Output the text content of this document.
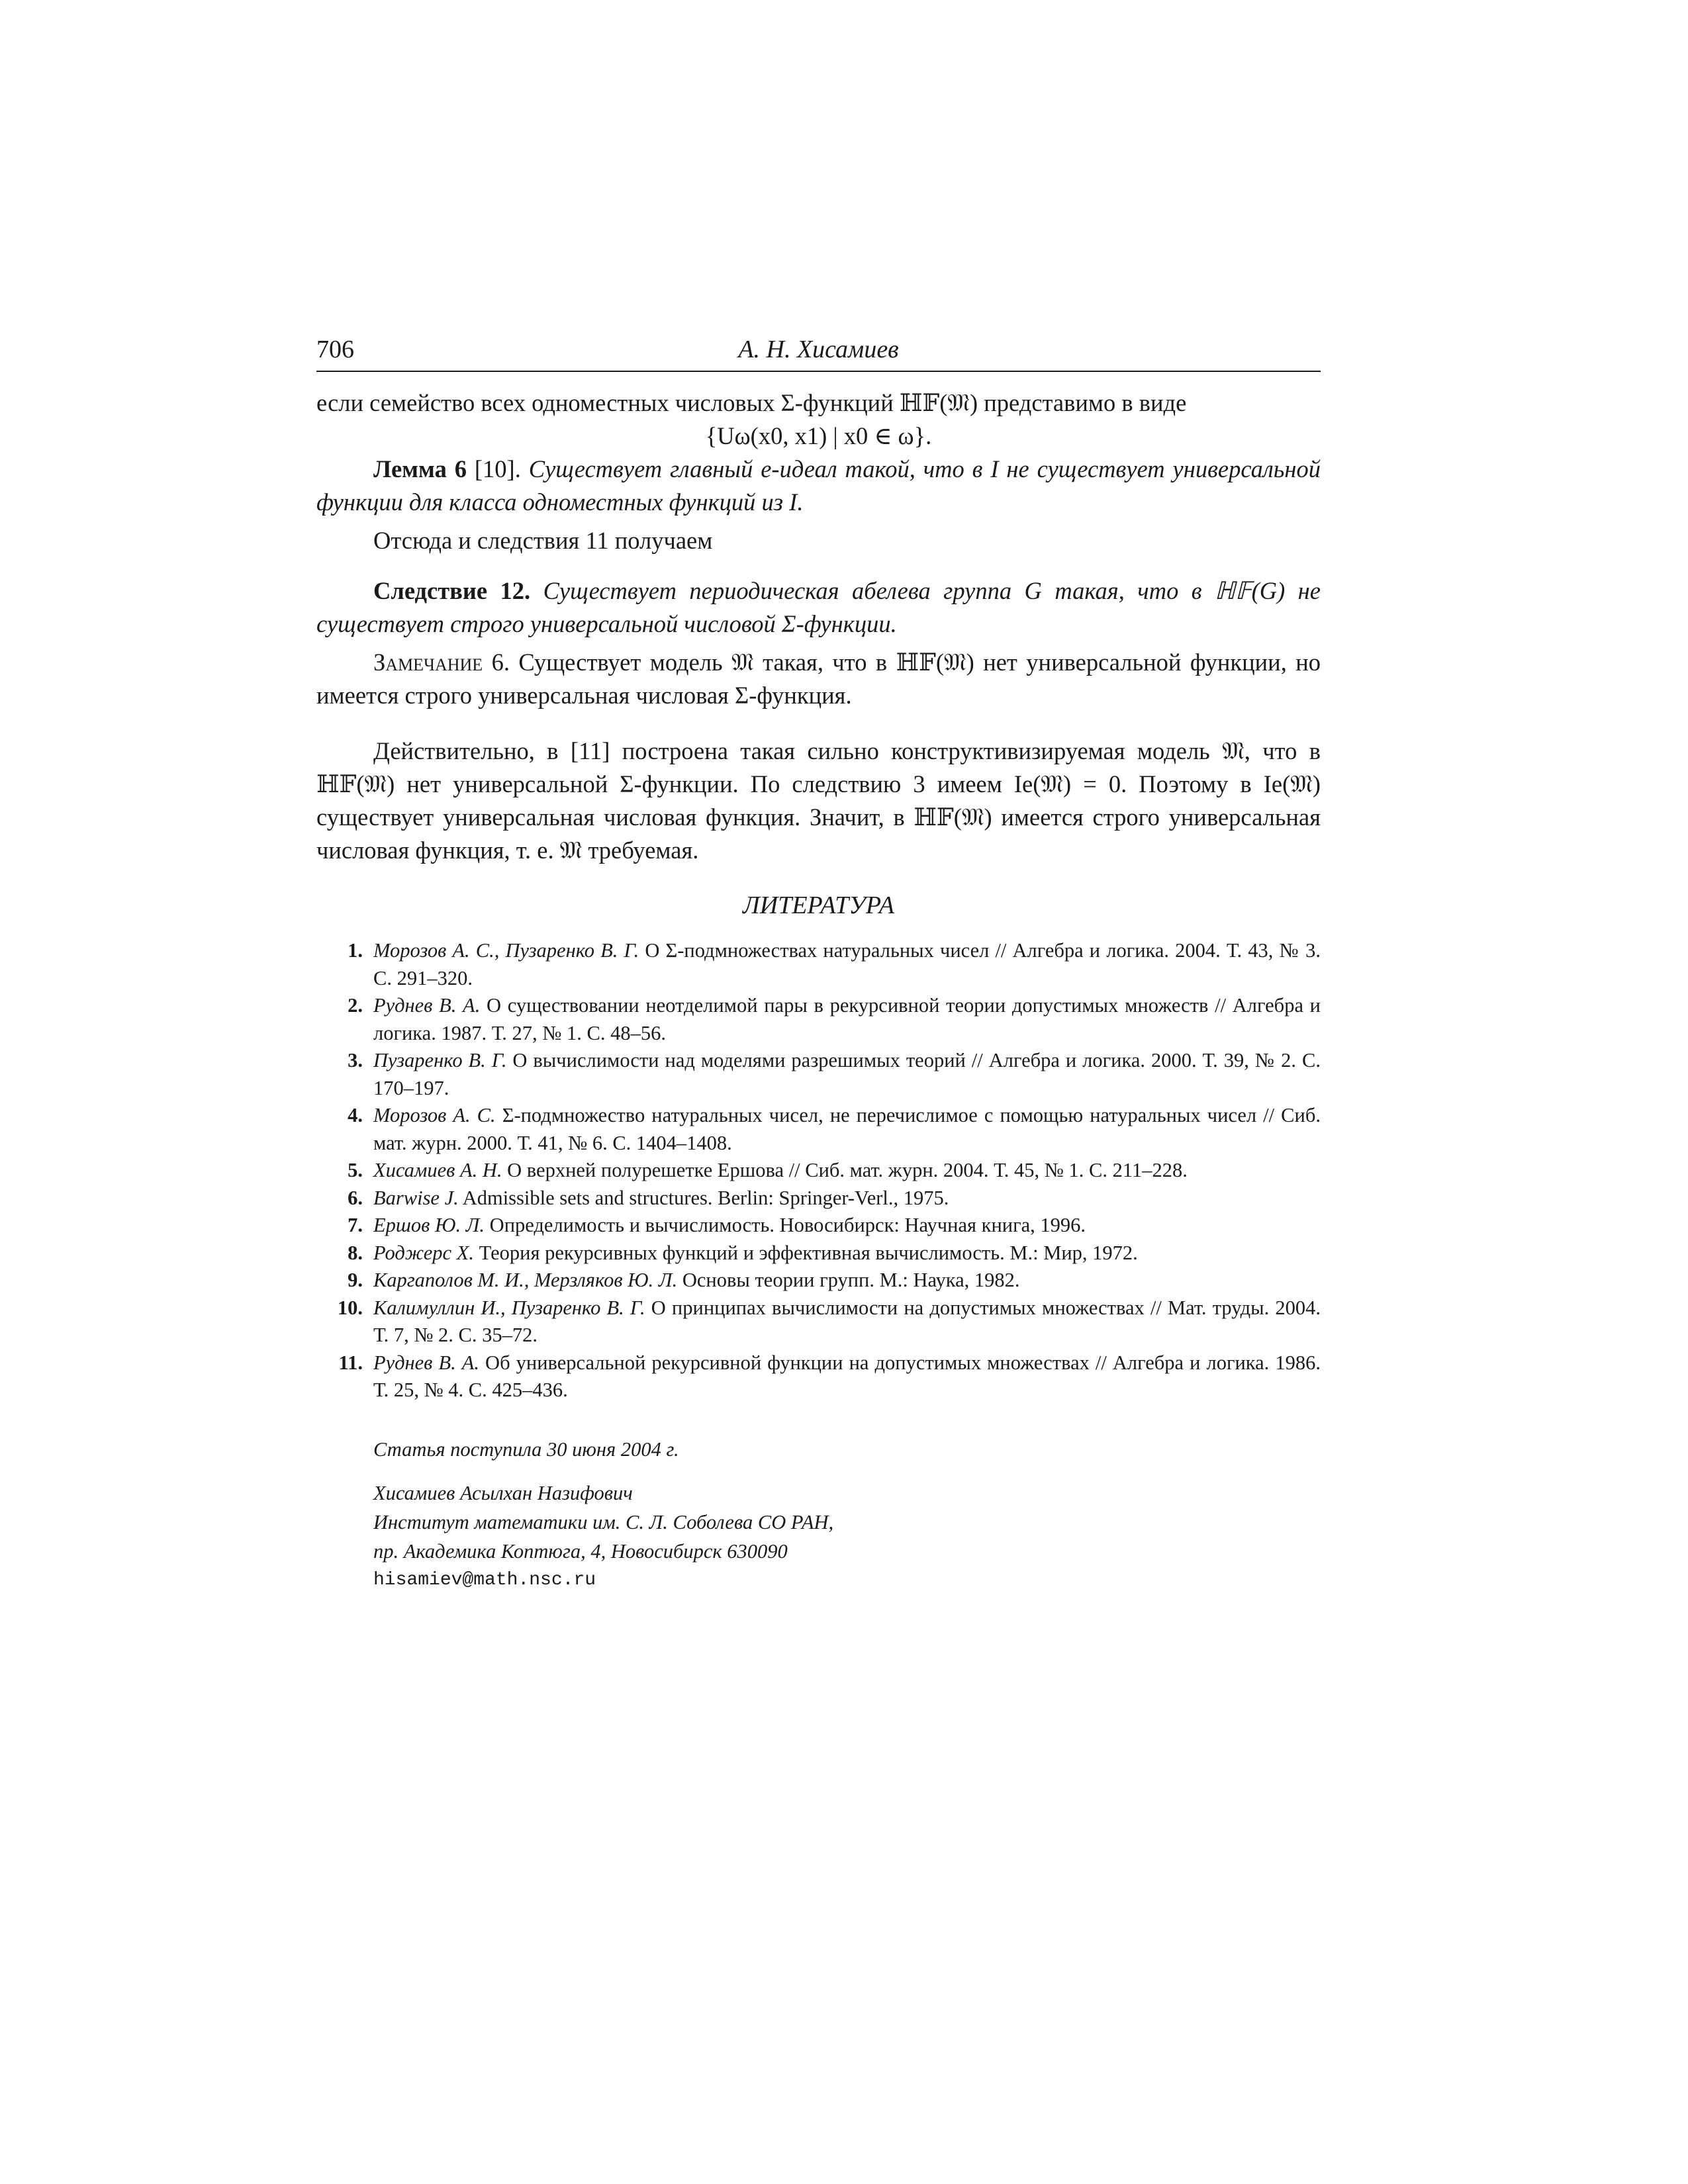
706	А. Н. Хисамиев

если семейство всех одноместных числовых Σ-функций ℍ𝔽(𝔐) представимо в виде

{Uω(x0, x1) | x0 ∈ ω}.

Лемма 6 [10]. Существует главный e-идеал такой, что в I не существует универсальной функции для класса одноместных функций из I.

Отсюда и следствия 11 получаем

Следствие 12. Существует периодическая абелева группа G такая, что в ℍ𝔽(G) не существует строго универсальной числовой Σ-функции.

Замечание 6. Существует модель 𝔐 такая, что в ℍ𝔽(𝔐) нет универсальной функции, но имеется строго универсальная числовая Σ-функция.

Действительно, в [11] построена такая сильно конструктивизируемая модель 𝔐, что в ℍ𝔽(𝔐) нет универсальной Σ-функции. По следствию 3 имеем Ie(𝔐) = 0. Поэтому в Ie(𝔐) существует универсальная числовая функция. Значит, в ℍ𝔽(𝔐) имеется строго универсальная числовая функция, т. е. 𝔐 требуемая.

ЛИТЕРАТУРА
1. Морозов А. С., Пузаренко В. Г. О Σ-подмножествах натуральных чисел // Алгебра и логика. 2004. Т. 43, № 3. С. 291–320.
2. Руднев В. А. О существовании неотделимой пары в рекурсивной теории допустимых множеств // Алгебра и логика. 1987. Т. 27, № 1. С. 48–56.
3. Пузаренко В. Г. О вычислимости над моделями разрешимых теорий // Алгебра и логика. 2000. Т. 39, № 2. С. 170–197.
4. Морозов А. С. Σ-подмножество натуральных чисел, не перечислимое с помощью натуральных чисел // Сиб. мат. журн. 2000. Т. 41, № 6. С. 1404–1408.
5. Хисамиев А. Н. О верхней полурешетке Ершова // Сиб. мат. журн. 2004. Т. 45, № 1. С. 211–228.
6. Barwise J. Admissible sets and structures. Berlin: Springer-Verl., 1975.
7. Ершов Ю. Л. Определимость и вычислимость. Новосибирск: Научная книга, 1996.
8. Роджерс Х. Теория рекурсивных функций и эффективная вычислимость. М.: Мир, 1972.
9. Каргаполов М. И., Мерзляков Ю. Л. Основы теории групп. М.: Наука, 1982.
10. Калимуллин И., Пузаренко В. Г. О принципах вычислимости на допустимых множествах // Мат. труды. 2004. Т. 7, № 2. С. 35–72.
11. Руднев В. А. Об универсальной рекурсивной функции на допустимых множествах // Алгебра и логика. 1986. Т. 25, № 4. С. 425–436.
Статья поступила 30 июня 2004 г.
Хисамиев Асылхан Назифович
Институт математики им. С. Л. Соболева СО РАН,
пр. Академика Коптюга, 4, Новосибирск 630090
hisamiev@math.nsc.ru
